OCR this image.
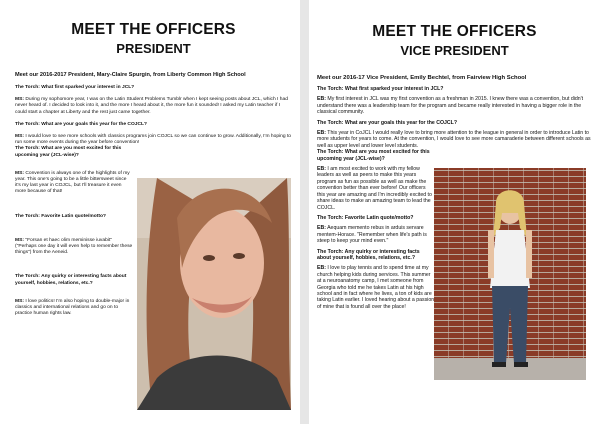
MEET THE OFFICERS
PRESIDENT
Meet our 2016-2017 President, Mary-Claire Spurgin, from Liberty Common High School

The Torch: What first sparked your interest in JCL?

MS: During my sophomore year, I was on the Latin Student Problems Tumblr when I kept seeing posts about JCL, which I had never heard of. I decided to look into it, and the more I heard about it, the more fun it sounded! I asked my Latin teacher if I could start a chapter at Liberty and the rest just came together.

The Torch: What are your goals this year for the COJCL?

MS: I would love to see more schools with classics programs join COJCL so we can continue to grow. Additionally, I'm hoping to run some more events during the year before convention!

The Torch: What are you most excited for this upcoming year (JCL-wise)?

MS: Convention is always one of the highlights of my year. This one's going to be a little bittersweet since it's my last year in COJCL, but I'll treasure it even more because of that!

The Torch: Favorite Latin quote/motto?

MS: "Forsan et haec olim meminisse iuvabit" ("Perhaps one day it will even help to remember these things") from the Aeneid.

The Torch: Any quirky or interesting facts about yourself, hobbies, relations, etc.?

MS: I love politics! I'm also hoping to double-major in classics and international relations and go on to practice human rights law.

MEET THE OFFICERS
VICE PRESIDENT
Meet our 2016-17 Vice President, Emily Bechtel, from Fairview High School

The Torch: What first sparked your interest in JCL?

EB: My first interest in JCL was my first convention as a freshman in 2015. I knew there was a convention, but didn't understand there was a leadership team for the program and became really interested in having a bigger role in the classical community.

The Torch: What are your goals this year for the COJCL?

EB: This year in CoJCL I would really love to bring more attention to the league in general in order to introduce Latin to more students for years to come. At the convention, I would love to see more camaraderie between different schools as well as upper level and lower level students.

The Torch: What are you most excited for this upcoming year (JCL-wise)?

EB: I am most excited to work with my fellow leaders as well as peers to make this years program as fun as possible as well as make the convention better than ever before! Our officers this year are amazing and I'm incredibly excited to share ideas to make an amazing team to lead the COJCL.

The Torch: Favorite Latin quote/motto?

EB: Aequam memento rebus in arduis servare mentem-Horace. "Remember when life's path is steep to keep your mind even."

The Torch: Any quirky or interesting facts about yourself, hobbies, relations, etc.?

EB: I love to play tennis and to spend time at my church helping kids during services. This summer at a neuroanatomy camp, I met someone from Georgia who told me he takes Latin at his high school and in fact where he lives, a ton of kids are taking Latin earlier. I loved hearing about a passion of mine that is found all over the place!
